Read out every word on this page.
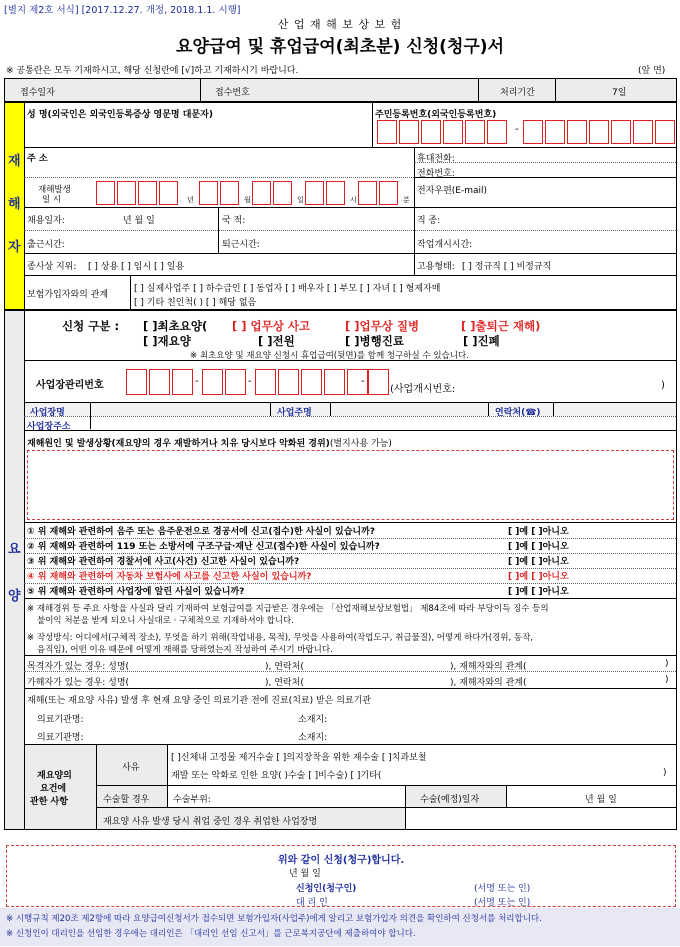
[별지 제2호 서식] [2017.12.27. 개정, 2018.1.1. 시행]
산 업 재 해 보 상 보 험
요양급여 및 휴업급여(최초분) 신청(청구)서
※ 공통란은 모두 기재하시고, 해당 신청란에 [√]하고 기재하시기 바랍니다.	(앞 면)
접수일자	접수번호	처리기간	7일
재
해
자
성 명(외국인은 외국인등록증상 영문명 대문자)	주민등록번호(외국인등록번호)
-
주 소	휴대전화:
전화번호:
전자우편(E-mail)
재해발생
일 시	년	월	일	시	분
채용일자:	년 월 일	국 적:	직 종:
출근시간:	퇴근시간:	작업개시시간:
종사상 지위: [ ] 상용 [ ] 임시 [ ] 일용	고용형태: [ ] 정규직 [ ] 비정규직
보험가입자와의 관계
[ ] 실제사업주 [ ] 하수급인 [ ] 동업자 [ ] 배우자 [ ] 부모 [ ] 자녀 [ ] 형제자매
[ ] 기타 친인척( ) [ ] 해당 없음
요
양
신청 구분 : [ ]최초요양( [ ] 업무상 사고	[ ]업무상 질병	[ ]출퇴근 재해)
[ ]재요양	[ ]전원	[ ]병행진료	[ ]진폐
※ 최초요양 및 재요양 신청시 휴업급여(뒷면)를 함께 청구하실 수 있습니다.
사업장관리번호	-	-	-
(사업개시번호:	)
사업장명	사업주명	연락처(☎)
사업장주소
재해원인 및 발생상황(재요양의 경우 재발하거나 치유 당시보다 악화된 경위)(별지사용 가능)
① 위 재해와 관련하여 음주 또는 음주운전으로 경공서에 신고(접수)한 사실이 있습니까?	[ ]예 [ ]아니오
② 위 재해와 관련하여 119 또는 소방서에 구조구급·재난 신고(접수)한 사실이 있습니까?	[ ]예 [ ]아니오
③ 위 재해와 관련하여 경찰서에 사고(사건) 신고한 사실이 있습니까?	[ ]예 [ ]아니오
④ 위 재해와 관련하여 자동차 보험사에 사고를 신고한 사실이 있습니까?	[ ]예 [ ]아니오
⑤ 위 재해와 관련하여 사업장에 알린 사실이 있습니까?	[ ]예 [ ]아니오
※ 재해경위 등 주요 사항을 사실과 달리 기재하여 보험급여를 지급받은 경우에는 「산업재해보상보험법」 제84조에 따라 부당이득 징수 등의
불이익 처분을 받게 되오니 사실대로 · 구체적으로 기재하셔야 합니다.
※ 작성방식: 어디에서(구체적 장소), 무엇을 하기 위해(작업내용, 목적), 무엇을 사용하여(작업도구, 취급물질), 어떻게 하다가(경위, 동작,
음직임), 어떤 이유 때문에 어떻게 재해를 당하였는지 작성하여 주시기 바랍니다.
목격자가 있는 경우: 성명(	), 연락처(	), 재해자와의 관계(	)
가해자가 있는 경우: 성명(	), 연락처(	), 재해자와의 관계(	)
재해(또는 재요양 사유) 발생 후 현재 요양 중인 의료기관 전에 진료(치료) 받은 의료기관
의료기관명:	소재지:
의료기관명:	소재지:
재요양의
요건에
관한 사항
사유
[ ]신체내 고정물 제거수술 [ ]의지장착을 위한 재수술 [ ]치과보철
재발 또는 악화로 인한 요양( )수술 [ ]비수술) [ ]기타(	)
수술할 경우	수술부위:	수술(예정)일자	년 월 일
재요양 사유 발생 당시 취업 중인 경우 취업한 사업장명
위와 같이 신청(청구)합니다.
년 월 일
신청인(청구인)	(서명 또는 인)
대 리 인	(서명 또는 인)
※ 시행규칙 제20조 제2항에 따라 요양급여신청서가 접수되면 보험가입자(사업주)에게 알리고 보험가입자 의견을 확인하여 신청서를 처리합니다.
※ 신청인이 대리인을 선임한 경우에는 대리인은 「대리인 선임 신고서」를 근로복지공단에 제출하여야 합니다.
